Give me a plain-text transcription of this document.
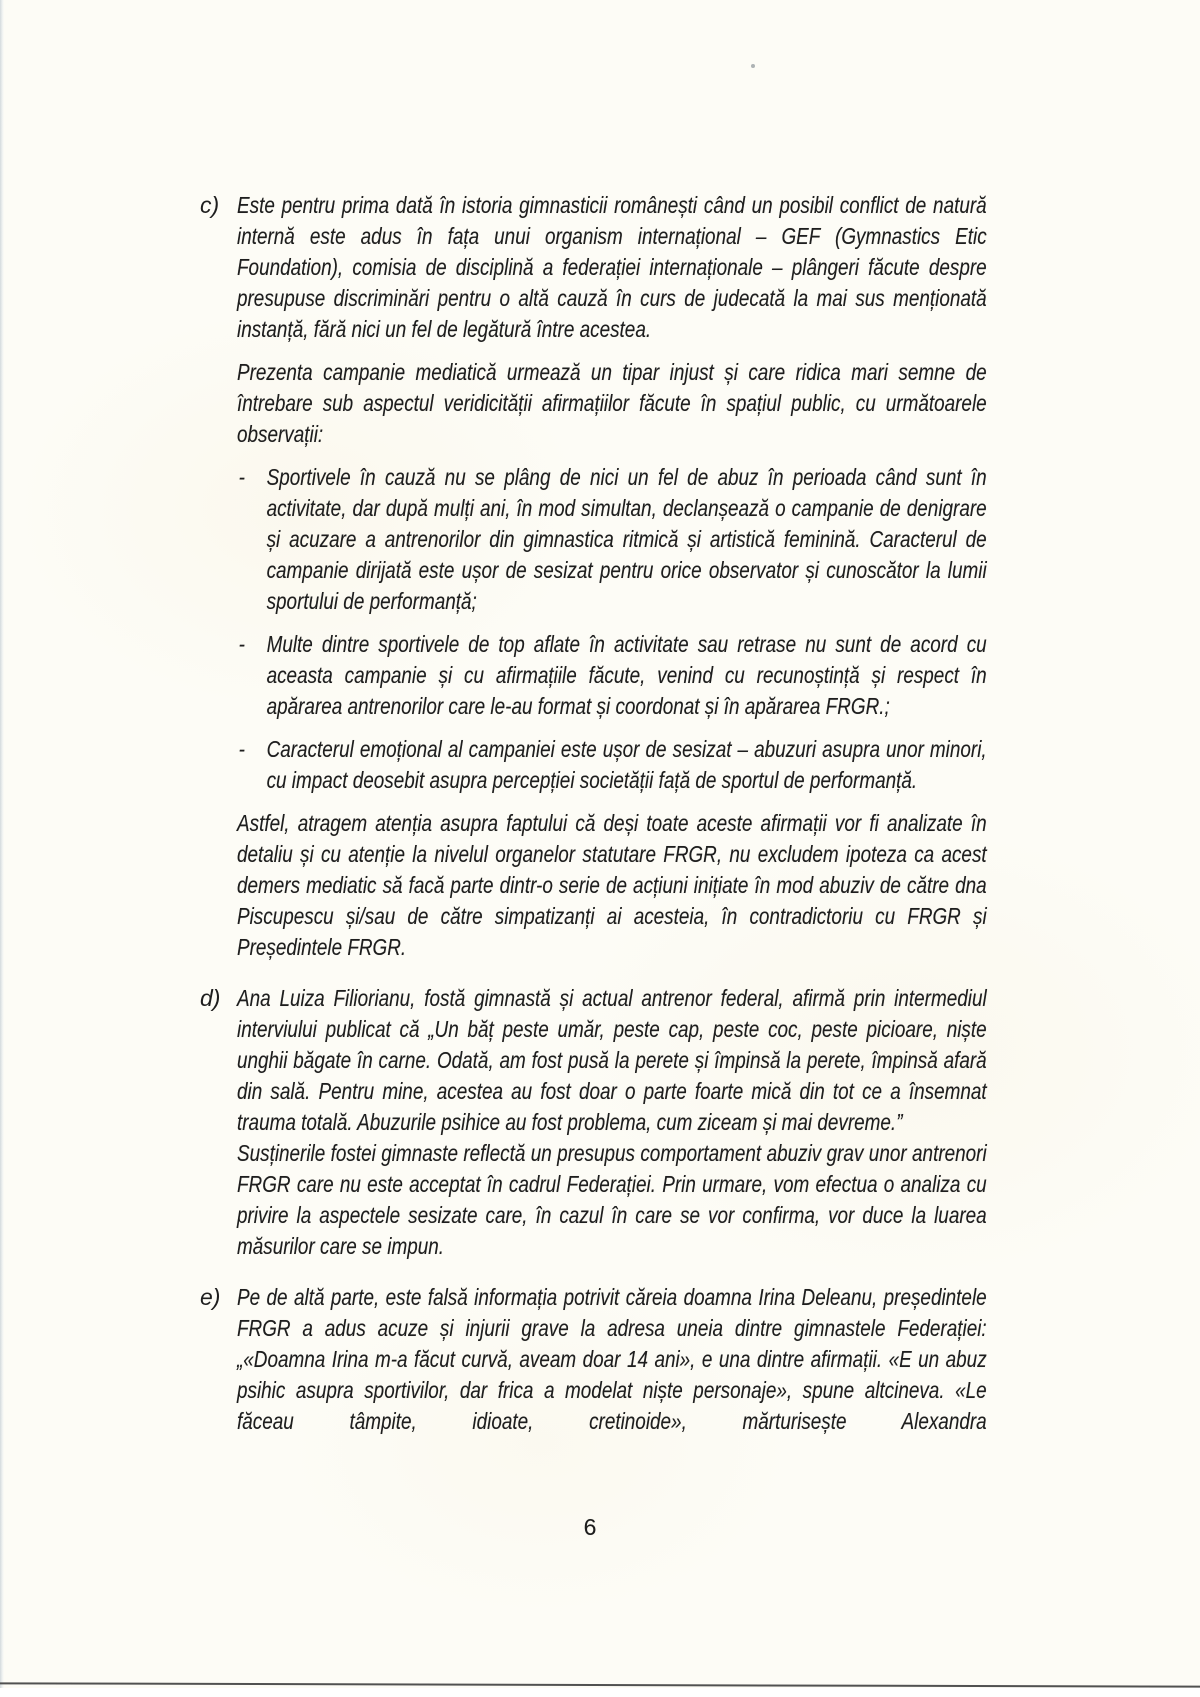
c) Este pentru prima dată în istoria gimnasticii românești când un posibil conflict de natură internă este adus în fața unui organism internațional – GEF (Gymnastics Etic Foundation), comisia de disciplină a federației internaționale – plângeri făcute despre presupuse discriminări pentru o altă cauză în curs de judecată la mai sus menționată instanță, fără nici un fel de legătură între acestea.

Prezenta campanie mediatică urmează un tipar injust și care ridica mari semne de întrebare sub aspectul veridicității afirmațiilor făcute în spațiul public, cu următoarele observații:

- Sportivele în cauză nu se plâng de nici un fel de abuz în perioada când sunt în activitate, dar după mulți ani, în mod simultan, declanșează o campanie de denigrare și acuzare a antrenorilor din gimnastica ritmică și artistică feminină. Caracterul de campanie dirijată este ușor de sesizat pentru orice observator și cunoscător la lumii sportului de performanță;

- Multe dintre sportivele de top aflate în activitate sau retrase nu sunt de acord cu aceasta campanie și cu afirmațiile făcute, venind cu recunoștință și respect în apărarea antrenorilor care le-au format și coordonat și în apărarea FRGR.;

- Caracterul emoțional al campaniei este ușor de sesizat – abuzuri asupra unor minori, cu impact deosebit asupra percepției societății față de sportul de performanță.

Astfel, atragem atenția asupra faptului că deși toate aceste afirmații vor fi analizate în detaliu și cu atenție la nivelul organelor statutare FRGR, nu excludem ipoteza ca acest demers mediatic să facă parte dintr-o serie de acțiuni inițiate în mod abuziv de către dna Piscupescu și/sau de către simpatizanți ai acesteia, în contradictoriu cu FRGR și Președintele FRGR.

d) Ana Luiza Filiorianu, fostă gimnastă și actual antrenor federal, afirmă prin intermediul interviului publicat că „Un băț peste umăr, peste cap, peste coc, peste picioare, niște unghii băgate în carne. Odată, am fost pusă la perete și împinsă la perete, împinsă afară din sală. Pentru mine, acestea au fost doar o parte foarte mică din tot ce a însemnat trauma totală. Abuzurile psihice au fost problema, cum ziceam și mai devreme.”

Susținerile fostei gimnaste reflectă un presupus comportament abuziv grav unor antrenori FRGR care nu este acceptat în cadrul Federației. Prin urmare, vom efectua o analiza cu privire la aspectele sesizate care, în cazul în care se vor confirma, vor duce la luarea măsurilor care se impun.

e) Pe de altă parte, este falsă informația potrivit căreia doamna Irina Deleanu, președintele FRGR a adus acuze și injurii grave la adresa uneia dintre gimnastele Federației: „«Doamna Irina m-a făcut curvă, aveam doar 14 ani», e una dintre afirmații. «E un abuz psihic asupra sportivilor, dar frica a modelat niște personaje», spune altcineva. «Le făceau tâmpite, idioate, cretinoide», mărturisește Alexandra

6
